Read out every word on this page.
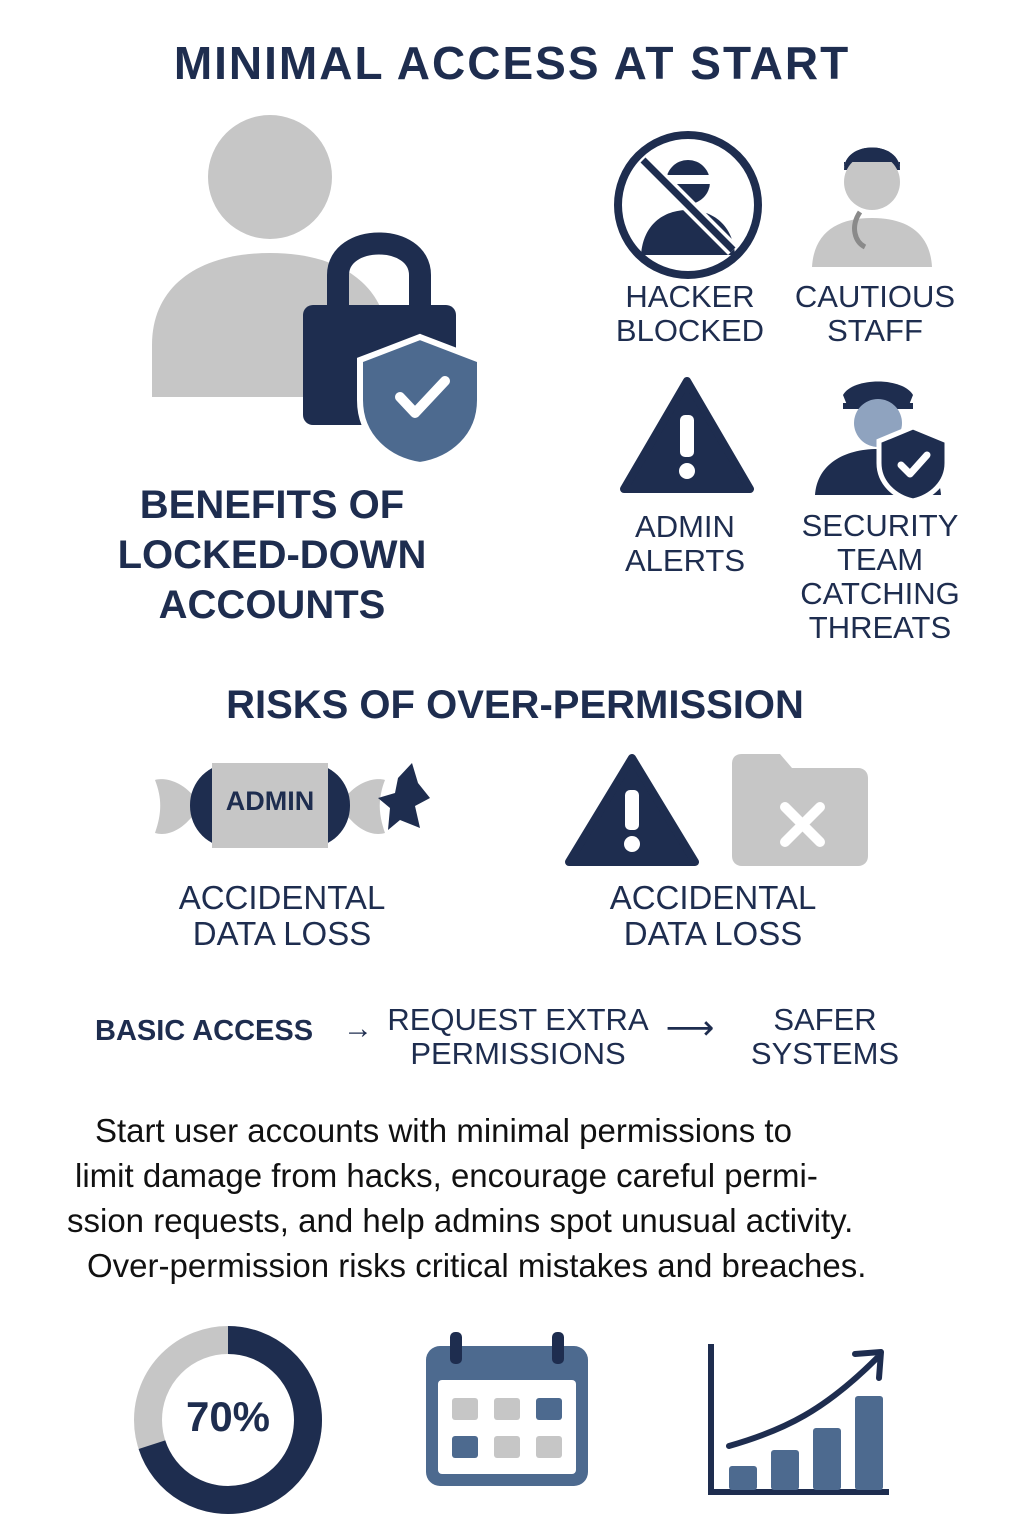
MINIMAL ACCESS AT START
BENEFITS OF
LOCKED-DOWN
ACCOUNTS
HACKER
BLOCKED
CAUTIOUS
STAFF
ADMIN
ALERTS
SECURITY
TEAM
CATCHING
THREATS
RISKS OF OVER-PERMISSION
ADMIN
ACCIDENTAL
DATA LOSS
ACCIDENTAL
DATA LOSS
BASIC ACCESS → REQUEST EXTRA
PERMISSIONS
⟶	SAFER
SYSTEMS
Start user accounts with minimal permissions to
limit damage from hacks, encourage careful permi-
ssion requests, and help admins spot unusual activity.
Over-permission risks critical mistakes and breaches.
70%
